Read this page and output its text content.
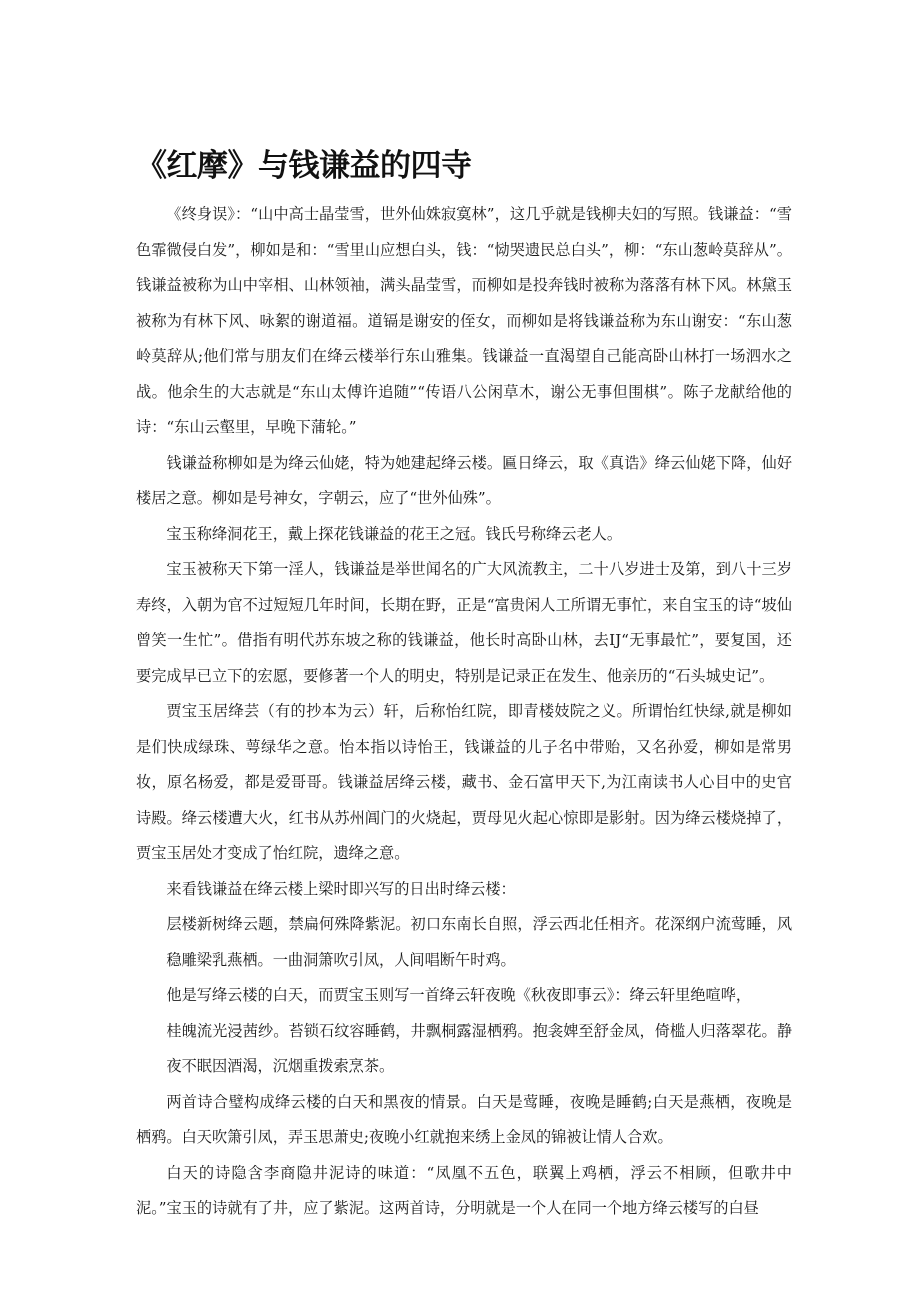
《红摩》与钱谦益的四寺

《终身误》：“山中高士晶莹雪，世外仙姝寂寞林”，这几乎就是钱柳夫妇的写照。钱谦益：“雪色霏微侵白发”，柳如是和：“雪里山应想白头，钱：“恸哭遗民总白头”，柳：“东山葱岭莫辞从”。钱谦益被称为山中宰相、山林领袖，满头晶莹雪，而柳如是投奔钱时被称为落落有林下风。林黛玉被称为有林下风、咏絮的谢道福。道镉是谢安的侄女，而柳如是将钱谦益称为东山谢安：“东山葱岭莫辞从;他们常与朋友们在绛云楼举行东山雅集。钱谦益一直渴望自己能高卧山林打一场泗水之战。他余生的大志就是“东山太傅许追随”“传语八公闲草木，谢公无事但围棋”。陈子龙献给他的诗：“东山云壑里，早晚下蒲轮。”

钱谦益称柳如是为绛云仙姥，特为她建起绛云楼。匾日绛云，取《真诰》绛云仙姥下降，仙好楼居之意。柳如是号神女，字朝云，应了“世外仙殊”。

宝玉称绛洞花王，戴上探花钱谦益的花王之冠。钱氏号称绛云老人。

宝玉被称天下第一淫人，钱谦益是举世闻名的广大风流教主，二十八岁进士及第，到八十三岁寿终，入朝为官不过短短几年时间，长期在野，正是“富贵闲人工所谓无事忙，来自宝玉的诗“坡仙曾笑一生忙”。借指有明代苏东坡之称的钱谦益，他长时高卧山林，去IJ“无事最忙”，要复国，还要完成早已立下的宏愿，要修著一个人的明史，特别是记录正在发生、他亲历的“石头城史记”。

贾宝玉居绛芸（有的抄本为云）轩，后称怡红院，即青楼妓院之义。所谓怡红快绿,就是柳如是们快成绿珠、萼绿华之意。怡本指以诗怡王，钱谦益的儿子名中带贻，又名孙爱，柳如是常男妆，原名杨爱，都是爱哥哥。钱谦益居绛云楼，藏书、金石富甲天下,为江南读书人心目中的史官诗殿。绛云楼遭大火，红书从苏州阊门的火烧起，贾母见火起心惊即是影射。因为绛云楼烧掉了，贾宝玉居处才变成了怡红院，遗绛之意。

来看钱谦益在绛云楼上梁时即兴写的日出时绛云楼：

层楼新树绛云题，禁扁何殊降紫泥。初口东南长自照，浮云西北任相齐。花深纲户流莺睡，风稳雕梁乳燕栖。一曲洞箫吹引凤，人间唱断午时鸡。

他是写绛云楼的白天，而贾宝玉则写一首绛云轩夜晚《秋夜即事云》：绛云轩里绝喧哗，

桂魄流光浸茜纱。苔锁石纹容睡鹤，井飘桐露湿栖鸦。抱衾婢至舒金凤，倚槛人归落翠花。静夜不眠因酒渴，沉烟重拨索烹茶。

两首诗合璧构成绛云楼的白天和黑夜的情景。白天是莺睡，夜晚是睡鹤;白天是燕栖，夜晚是栖鸦。白天吹箫引凤，弄玉思萧史;夜晚小红就抱来绣上金凤的锦被让情人合欢。

白天的诗隐含李商隐井泥诗的味道：“凤凰不五色，联翼上鸡栖，浮云不相顾，但歌井中泥。”宝玉的诗就有了井，应了紫泥。这两首诗，分明就是一个人在同一个地方绛云楼写的白昼
